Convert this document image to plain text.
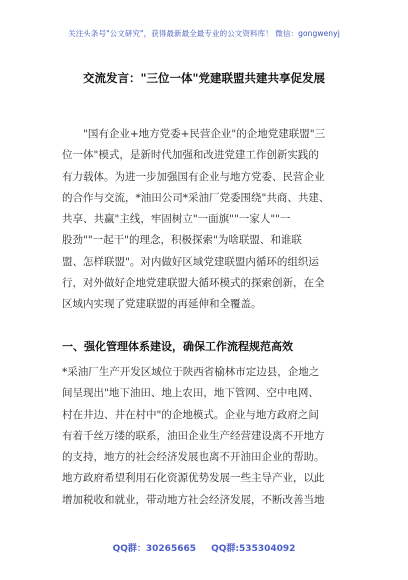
关注头条号"公文研究"，获得最新最全最专业的公文资料库！ 微信：gongwenyj
交流发言："三位一体"党建联盟共建共享促发展
"国有企业+地方党委+民营企业"的企地党建联盟"三
位一体"模式，是新时代加强和改进党建工作创新实践的
有力载体。为进一步加强国有企业与地方党委、民营企业
的合作与交流，*油田公司*采油厂党委围绕"共商、共建、
共享、共赢"主线，牢固树立"一面旗""一家人""一
股劲""一起干"的理念，积极探索"为啥联盟、和谁联
盟、怎样联盟"。对内做好区域党建联盟内循环的组织运
行，对外做好企地党建联盟大循环模式的探索创新，在全
区域内实现了党建联盟的再延伸和全覆盖。
一、强化管理体系建设，确保工作流程规范高效
*采油厂生产开发区域位于陕西省榆林市定边县，企地之
间呈现出"地下油田、地上农田，地下管网、空中电网、
村在井边、井在村中"的企地模式。企业与地方政府之间
有着千丝万缕的联系，油田企业生产经营建设离不开地方
的支持，地方的社会经济发展也离不开油田企业的帮助。
地方政府希望利用石化资源优势发展一些主导产业，以此
增加税收和就业，带动地方社会经济发展，不断改善当地
QQ群：30265665 QQ群:535304092
